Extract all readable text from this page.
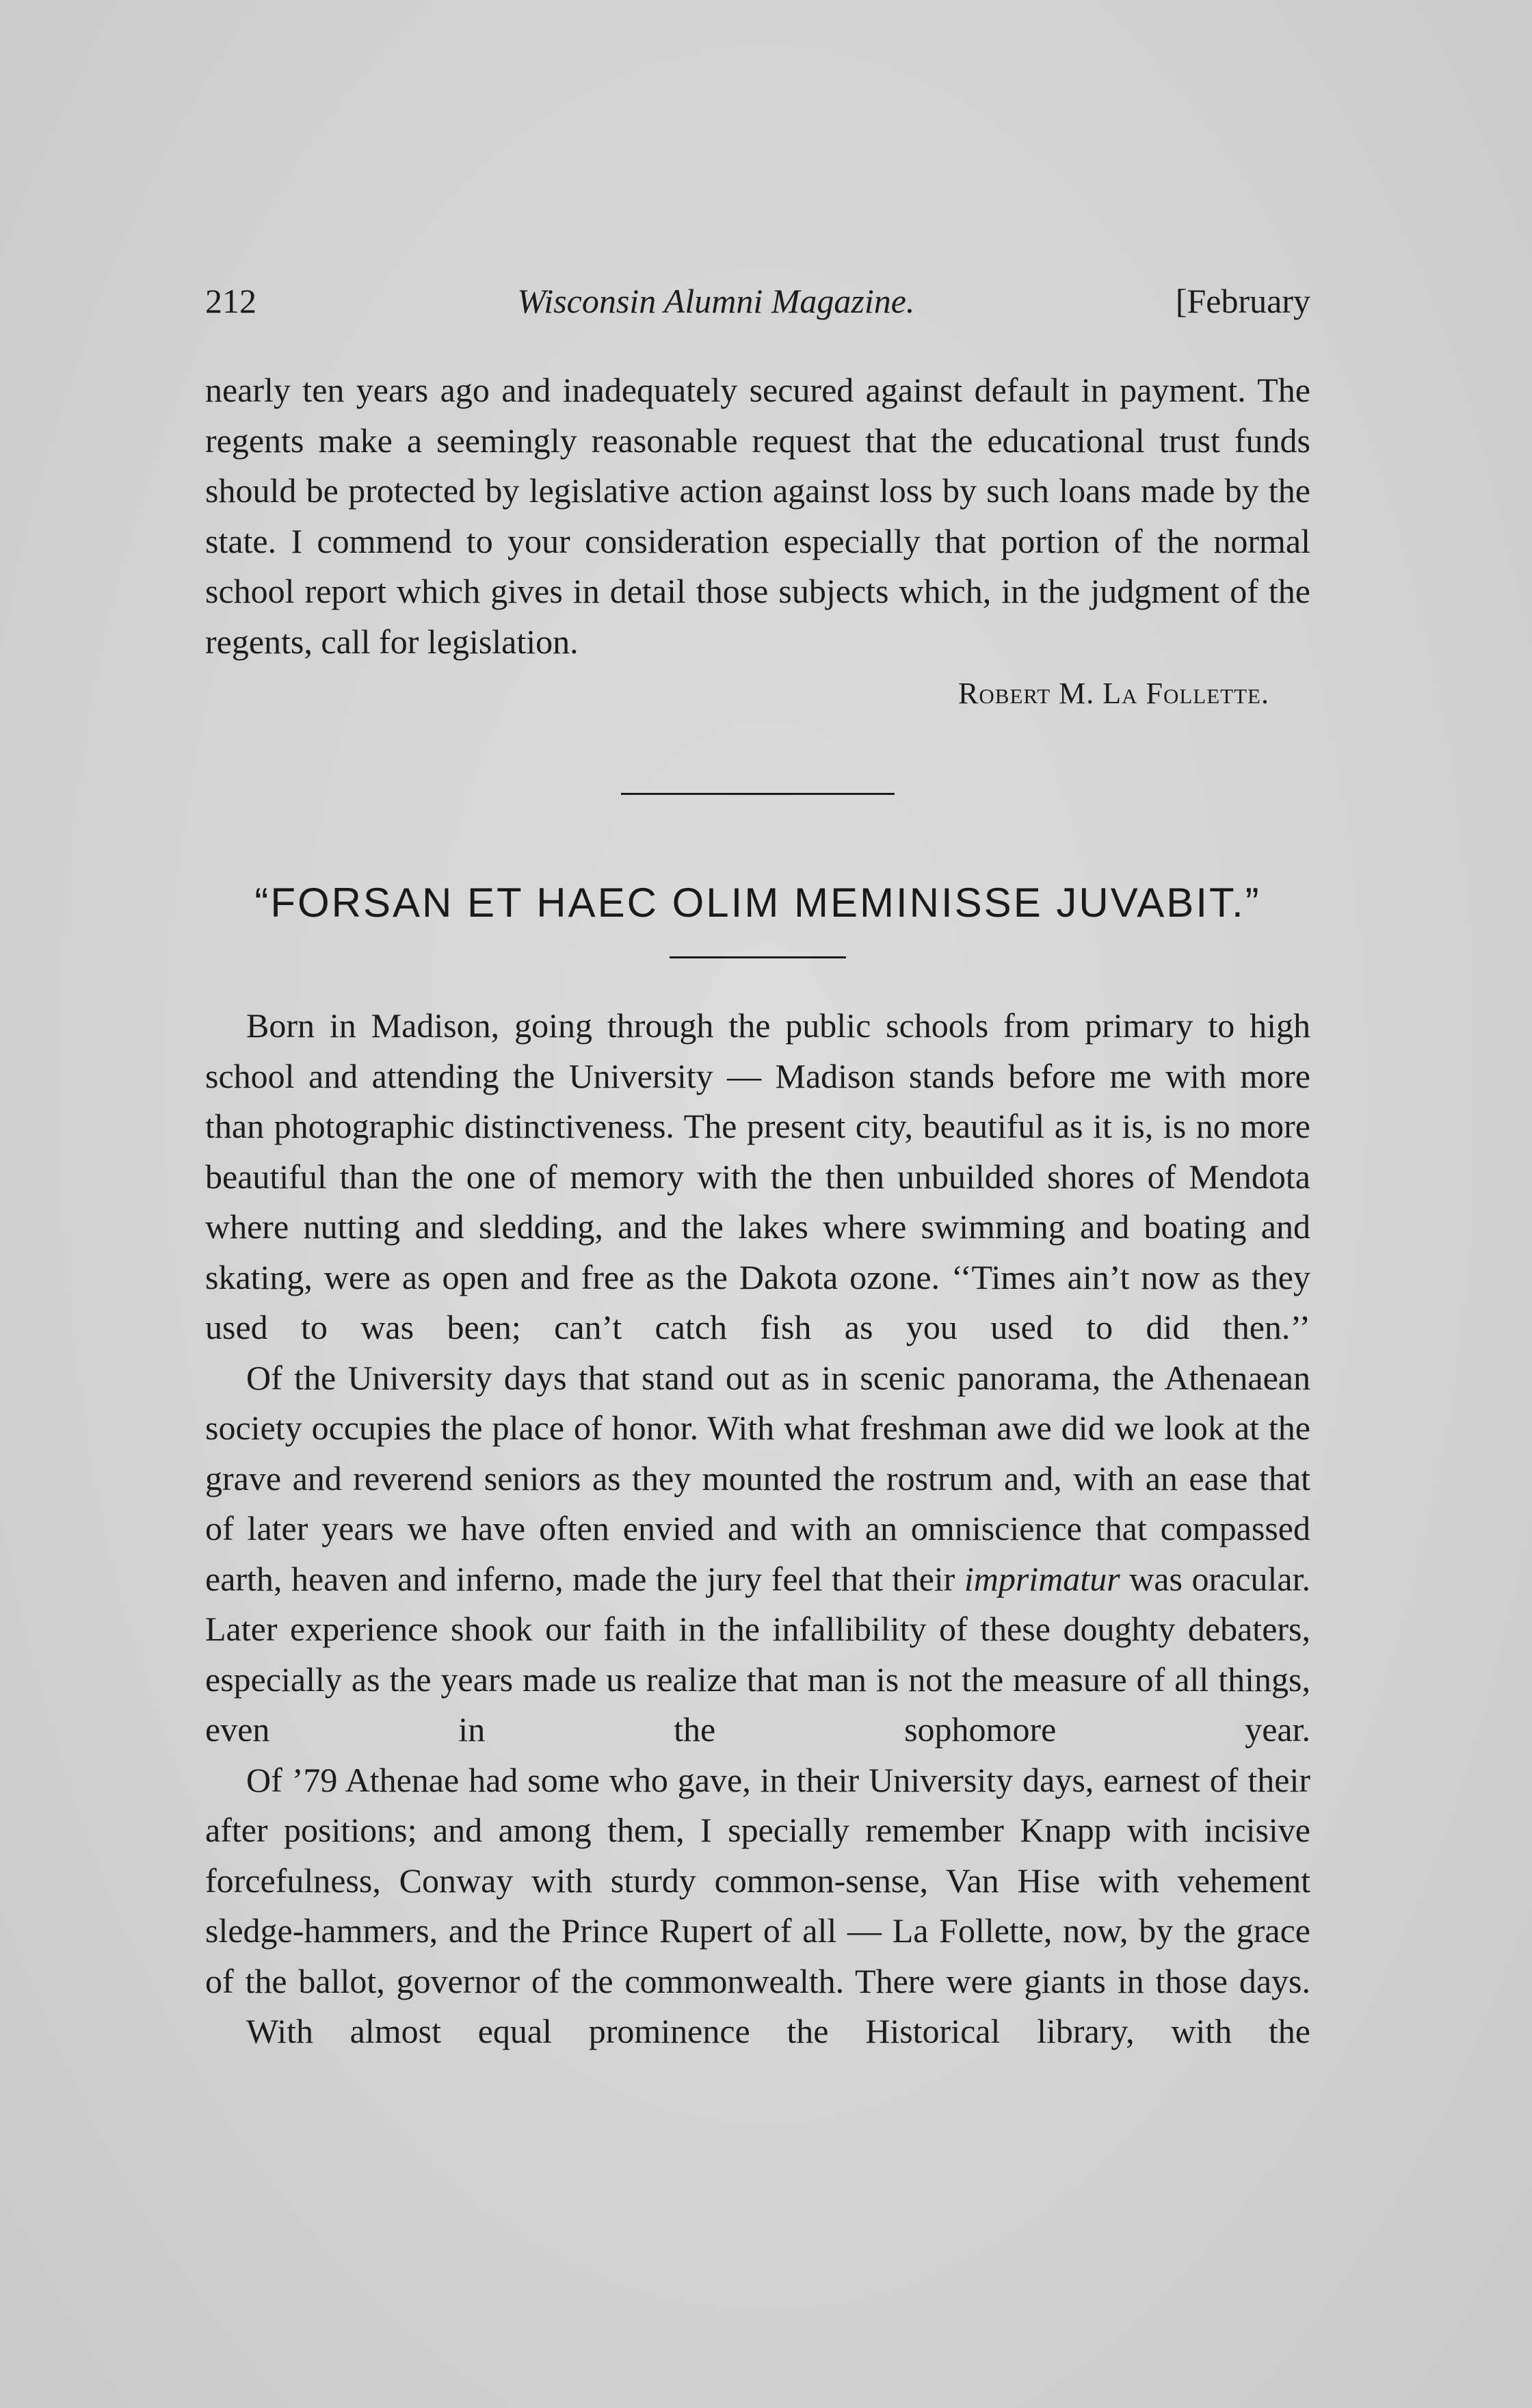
212	Wisconsin Alumni Magazine.	[February

nearly ten years ago and inadequately secured against default in payment. The regents make a seemingly reasonable request that the educational trust funds should be protected by legislative action against loss by such loans made by the state. I commend to your consideration especially that portion of the normal school report which gives in detail those subjects which, in the judgment of the regents, call for legislation.

Robert M. La Follette.
“FORSAN ET HAEC OLIM MEMINISSE JUVABIT.”

Born in Madison, going through the public schools from primary to high school and attending the University — Madison stands before me with more than photographic distinctiveness. The present city, beautiful as it is, is no more beautiful than the one of memory with the then unbuilded shores of Mendota where nutting and sledding, and the lakes where swimming and boating and skating, were as open and free as the Dakota ozone. ‘‘Times ain’t now as they used to was been; can’t catch fish as you used to did then.’’

Of the University days that stand out as in scenic panorama, the Athenaean society occupies the place of honor. With what freshman awe did we look at the grave and reverend seniors as they mounted the rostrum and, with an ease that of later years we have often envied and with an omniscience that compassed earth, heaven and inferno, made the jury feel that their imprimatur was oracular. Later experience shook our faith in the infallibility of these doughty debaters, especially as the years made us realize that man is not the measure of all things, even in the sophomore year.

Of ’79 Athenae had some who gave, in their University days, earnest of their after positions; and among them, I specially remember Knapp with incisive forcefulness, Conway with sturdy common-sense, Van Hise with vehement sledge-hammers, and the Prince Rupert of all — La Follette, now, by the grace of the ballot, governor of the commonwealth. There were giants in those days.

With almost equal prominence the Historical library, with the
